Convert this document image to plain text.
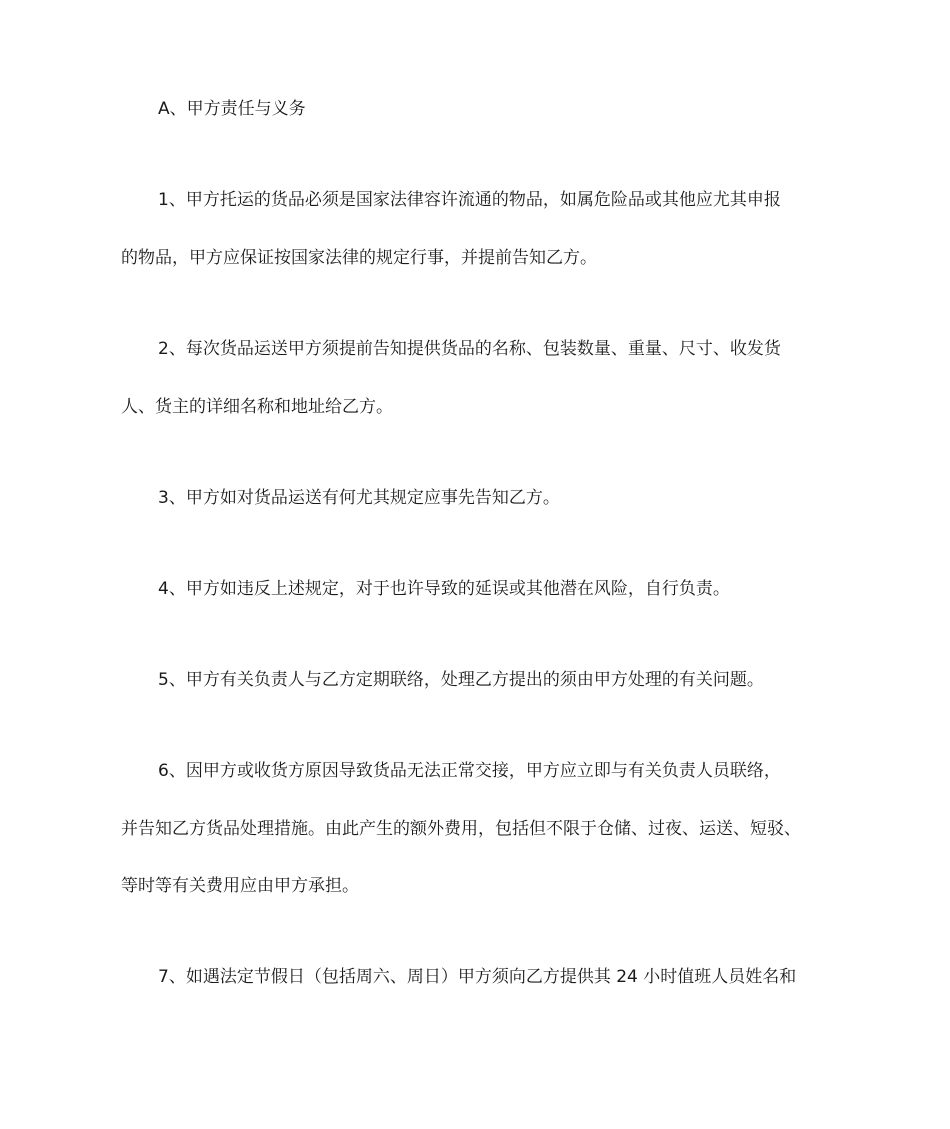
A、甲方责任与义务

1、甲方托运的货品必须是国家法律容许流通的物品，如属危险品或其他应尤其申报

的物品，甲方应保证按国家法律的规定行事，并提前告知乙方。

2、每次货品运送甲方须提前告知提供货品的名称、包装数量、重量、尺寸、收发货

人、货主的详细名称和地址给乙方。

3、甲方如对货品运送有何尤其规定应事先告知乙方。

4、甲方如违反上述规定，对于也许导致的延误或其他潜在风险，自行负责。

5、甲方有关负责人与乙方定期联络，处理乙方提出的须由甲方处理的有关问题。

6、因甲方或收货方原因导致货品无法正常交接，甲方应立即与有关负责人员联络，

并告知乙方货品处理措施。由此产生的额外费用，包括但不限于仓储、过夜、运送、短驳、

等时等有关费用应由甲方承担。

7、如遇法定节假日（包括周六、周日）甲方须向乙方提供其 24 小时值班人员姓名和
